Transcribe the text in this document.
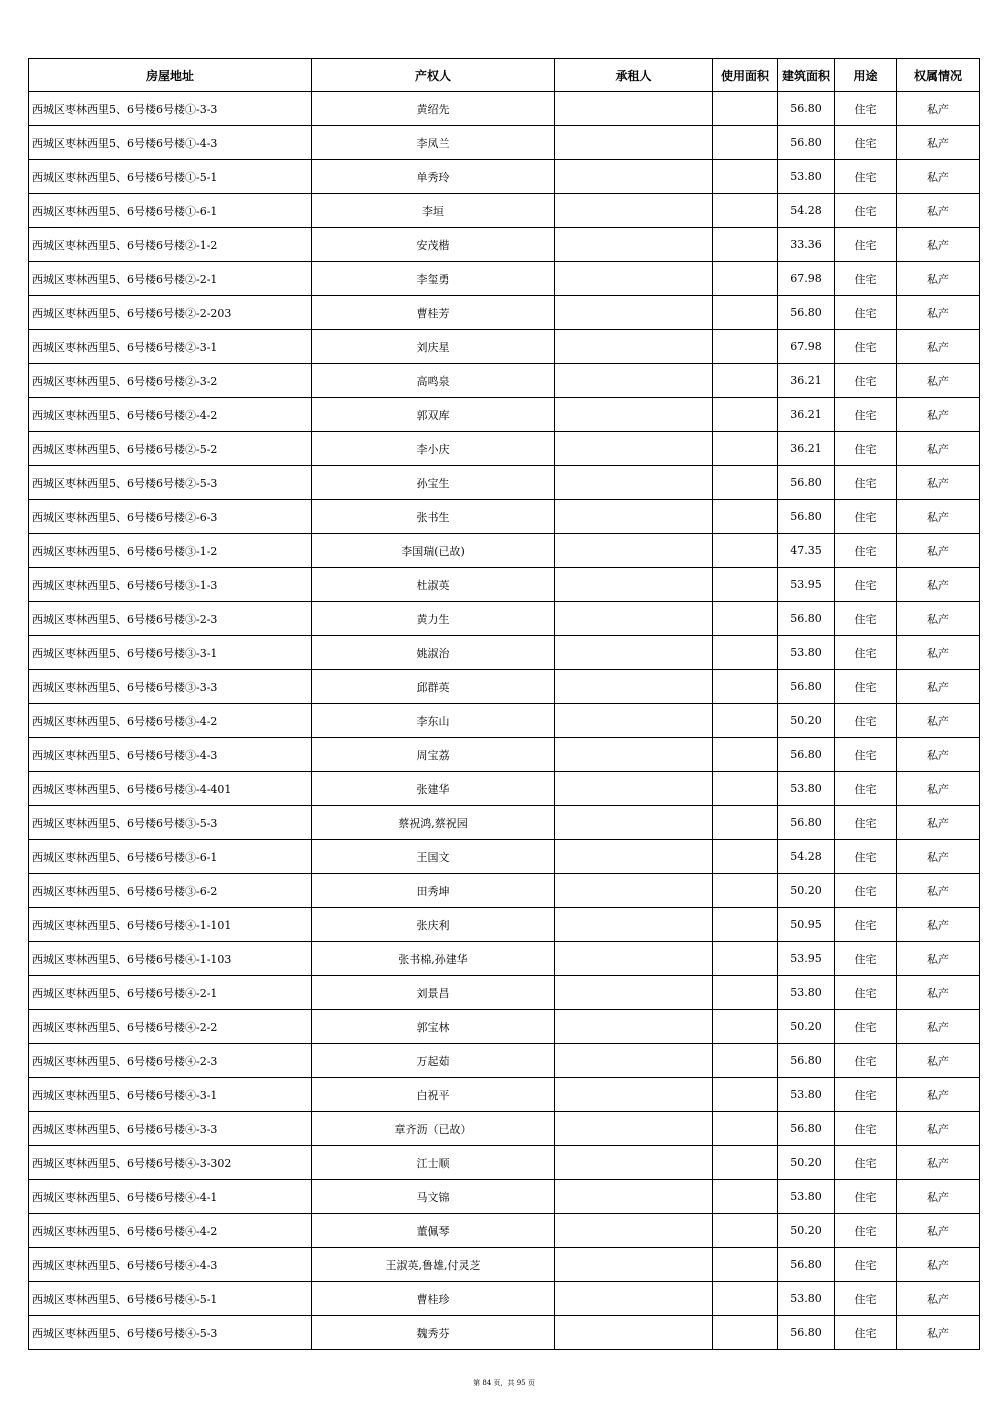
房屋地址	产权人	承租人	使用面积	建筑面积	用途	权属情况
西城区枣林西里5、6号楼6号楼①-3-3	黄绍先			56.80	住宅	私产
西城区枣林西里5、6号楼6号楼①-4-3	李凤兰			56.80	住宅	私产
西城区枣林西里5、6号楼6号楼①-5-1	单秀玲			53.80	住宅	私产
西城区枣林西里5、6号楼6号楼①-6-1	李垣			54.28	住宅	私产
西城区枣林西里5、6号楼6号楼②-1-2	安茂楷			33.36	住宅	私产
西城区枣林西里5、6号楼6号楼②-2-1	李玺勇			67.98	住宅	私产
西城区枣林西里5、6号楼6号楼②-2-203	曹桂芳			56.80	住宅	私产
西城区枣林西里5、6号楼6号楼②-3-1	刘庆星			67.98	住宅	私产
西城区枣林西里5、6号楼6号楼②-3-2	高鸣泉			36.21	住宅	私产
西城区枣林西里5、6号楼6号楼②-4-2	郭双库			36.21	住宅	私产
西城区枣林西里5、6号楼6号楼②-5-2	李小庆			36.21	住宅	私产
西城区枣林西里5、6号楼6号楼②-5-3	孙宝生			56.80	住宅	私产
西城区枣林西里5、6号楼6号楼②-6-3	张书生			56.80	住宅	私产
西城区枣林西里5、6号楼6号楼③-1-2	李国瑞(已故)			47.35	住宅	私产
西城区枣林西里5、6号楼6号楼③-1-3	杜淑英			53.95	住宅	私产
西城区枣林西里5、6号楼6号楼③-2-3	黄力生			56.80	住宅	私产
西城区枣林西里5、6号楼6号楼③-3-1	姚淑治			53.80	住宅	私产
西城区枣林西里5、6号楼6号楼③-3-3	邱群英			56.80	住宅	私产
西城区枣林西里5、6号楼6号楼③-4-2	李东山			50.20	住宅	私产
西城区枣林西里5、6号楼6号楼③-4-3	周宝荔			56.80	住宅	私产
西城区枣林西里5、6号楼6号楼③-4-401	张建华			53.80	住宅	私产
西城区枣林西里5、6号楼6号楼③-5-3	蔡祝鸿,蔡祝园			56.80	住宅	私产
西城区枣林西里5、6号楼6号楼③-6-1	王国文			54.28	住宅	私产
西城区枣林西里5、6号楼6号楼③-6-2	田秀坤			50.20	住宅	私产
西城区枣林西里5、6号楼6号楼④-1-101	张庆利			50.95	住宅	私产
西城区枣林西里5、6号楼6号楼④-1-103	张书棉,孙建华			53.95	住宅	私产
西城区枣林西里5、6号楼6号楼④-2-1	刘景昌			53.80	住宅	私产
西城区枣林西里5、6号楼6号楼④-2-2	郭宝林			50.20	住宅	私产
西城区枣林西里5、6号楼6号楼④-2-3	万起茹			56.80	住宅	私产
西城区枣林西里5、6号楼6号楼④-3-1	白祝平			53.80	住宅	私产
西城区枣林西里5、6号楼6号楼④-3-3	章齐沥（已故）			56.80	住宅	私产
西城区枣林西里5、6号楼6号楼④-3-302	江士顺			50.20	住宅	私产
西城区枣林西里5、6号楼6号楼④-4-1	马文锦			53.80	住宅	私产
西城区枣林西里5、6号楼6号楼④-4-2	董佩琴			50.20	住宅	私产
西城区枣林西里5、6号楼6号楼④-4-3	王淑英,鲁雄,付灵芝			56.80	住宅	私产
西城区枣林西里5、6号楼6号楼④-5-1	曹桂珍			53.80	住宅	私产
西城区枣林西里5、6号楼6号楼④-5-3	魏秀芬			56.80	住宅	私产
第 84 页，共 95 页
